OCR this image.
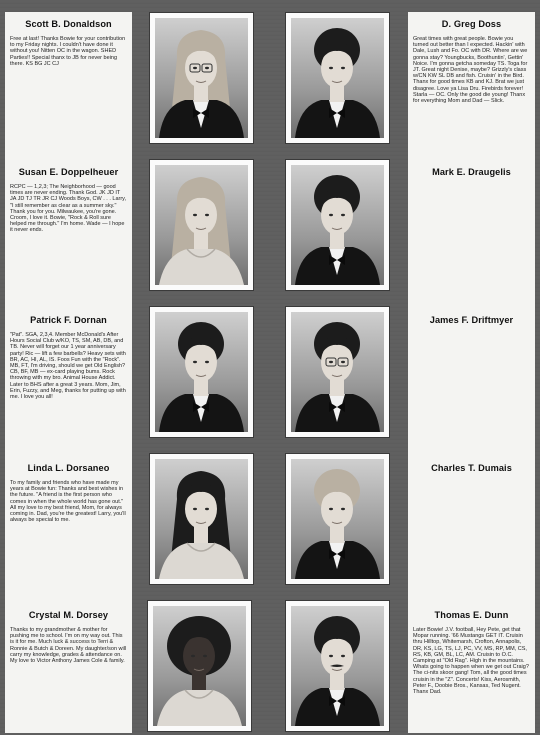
Scott B. Donaldson
Free at last! Thanks Bowie for your contribution to my Friday nights. I couldn't have done it without you! Nitten OC in the wagon. SHED Parties!! Special thanx to JB for never being there. KS BG JC CJ
Susan E. Doppelheuer
RCPC — 1,2,3; The Neighborhood — good times are never ending. Thank God. JK JD IT JA JD TJ TR JR CJ Woods Boys, CW . . . Larry, "I still remember as clear as a summer sky." Thank you for you. Milwaukee, you're gone. Croom, I love it. Bowie, "Rock & Roll sure helped me through." I'm home. Wade — I hope it never ends.
Patrick F. Dornan
"Pat". SGA, 2,3,4. Member McDonald's After Hours Social Club w/KO, TS, SM, AB, DB, and TB. Never will forget our 1 year anniversary party! Ric — lift a few barbells? Heavy sets with BR, AC, HI, AL, IS. Foos Fun with the "Rock". MB, FT, I'm driving, should we get Old English? CB, BF, MB — ex-card playing bums. Rock throwing with my bro. Animal House Addict. Later to BHS after a great 3 years. Mom, Jim, Erin, Fuzzy, and Meg, thanks for putting up with me. I love you all!
Linda L. Dorsaneo
To my family and friends who have made my years at Bowie fun: Thanks and best wishes in the future. "A friend is the first person who comes in when the whole world has gone out." All my love to my best friend, Mom, for always coming in. Dad, you're the greatest! Larry, you'll always be special to me.
Crystal M. Dorsey
Thanks to my grandmother & mother for pushing me to school. I'm on my way out. This is it for me. Much luck & success to Terri & Ronnie & Butch & Doreen. My daughter/son will carry my knowledge, grades & attendance on. My love to Victor Anthony James Cole & family.
D. Greg Doss
Great times with great people. Bowie you turned out better than I expected. Hackin' with Dale, Lush and Fo. OC with DR. Where are we gonna stay? Youngbucks, Boothuntin', Gettin' Noice. I'm gonna getcha someday TS. Toga for JT. Great night Denise, maybe? Grizzly's class w/CN KW SL DB and fish. Cruisin' in the Bird. Thanx for good times KB and KJ. Brat we just disagree. Love ya Lisa Dru. Firebirds forever! Starla — OC. Only the good die young! Thanx for everything Mom and Dad — Slick.
Mark E. Draugelis
James F. Driftmyer
Charles T. Dumais
Thomas E. Dunn
Later Bowie! J.V. football, Hey Pete, get that Mopar running. '66 Mustangs GET IT. Cruisin thru Hilltop, Whitemarsh, Crofton, Annapolis, DR, KS, LG, TS, LJ, PC, VV, MS, RP, MM, CS, RS, KB, GM, BL, LC, AM. Cruisin to O.C. Camping at "Old Rag". High in the mountains. Whats going to happen when we get out Craig? The ci-nits skoor gang! Tom, all the good times cruisin in the "Z". Concerts! Kiss, Aerosmith, Peter F., Doobie Bros., Kansas, Ted Nugent. Thanx Dad.
